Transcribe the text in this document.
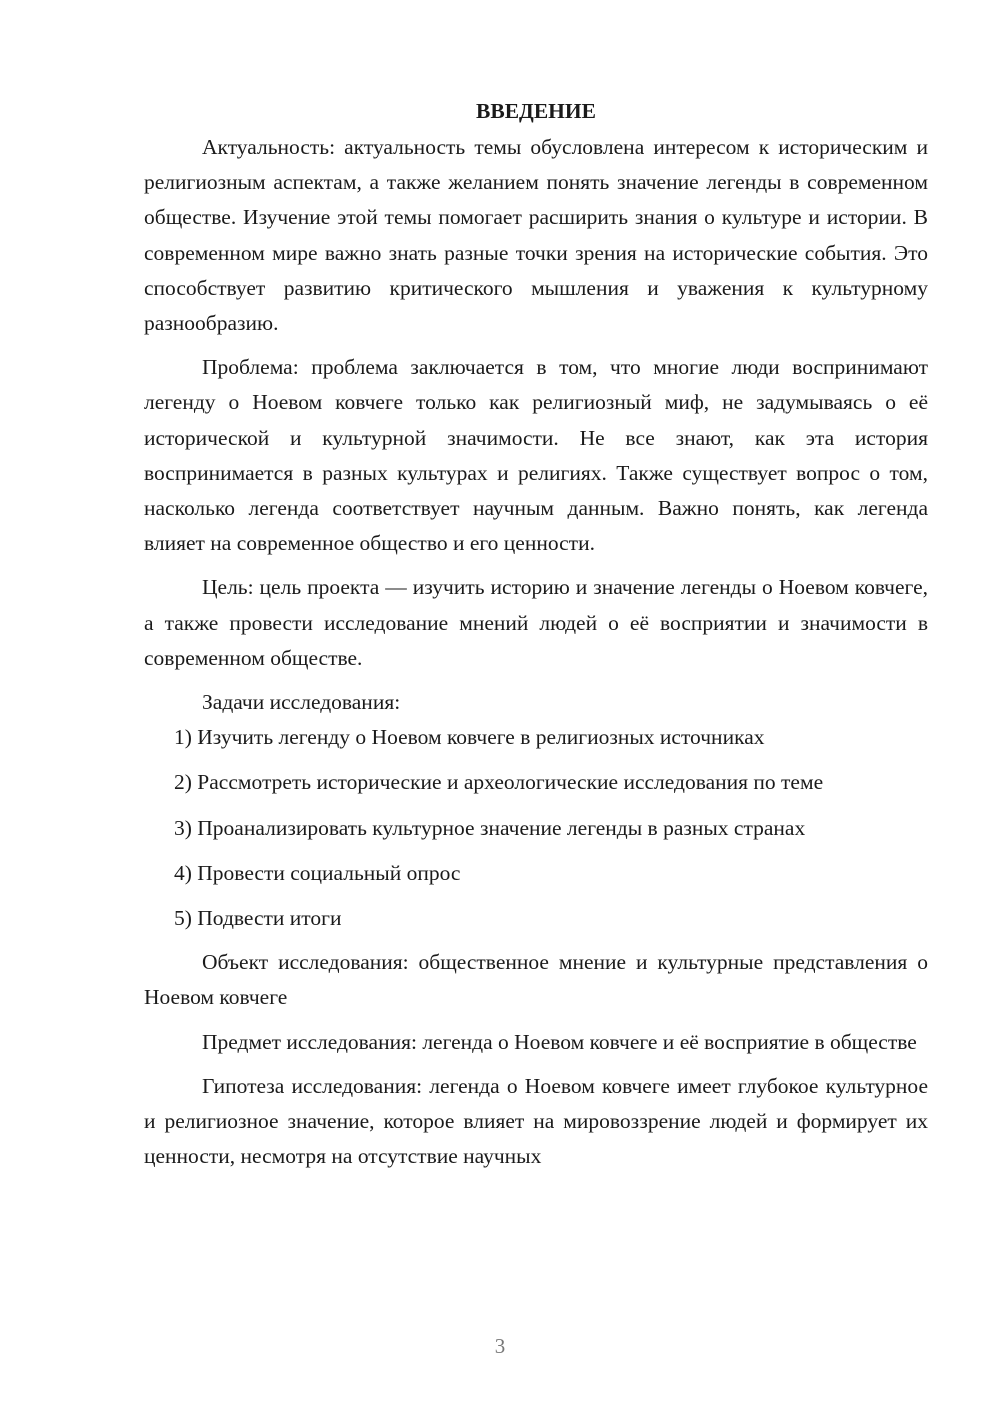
ВВЕДЕНИЕ

Актуальность: актуальность темы обусловлена интересом к историческим и религиозным аспектам, а также желанием понять значение легенды в современном обществе. Изучение этой темы помогает расширить знания о культуре и истории. В современном мире важно знать разные точки зрения на исторические события. Это способствует развитию критического мышления и уважения к культурному разнообразию.

Проблема: проблема заключается в том, что многие люди воспринимают легенду о Ноевом ковчеге только как религиозный миф, не задумываясь о её исторической и культурной значимости. Не все знают, как эта история воспринимается в разных культурах и религиях. Также существует вопрос о том, насколько легенда соответствует научным данным. Важно понять, как легенда влияет на современное общество и его ценности.

Цель: цель проекта — изучить историю и значение легенды о Ноевом ковчеге, а также провести исследование мнений людей о её восприятии и значимости в современном обществе.

Задачи исследования:

1) Изучить легенду о Ноевом ковчеге в религиозных источниках
2) Рассмотреть исторические и археологические исследования по теме
3) Проанализировать культурное значение легенды в разных странах
4) Провести социальный опрос
5) Подвести итоги

Объект исследования: общественное мнение и культурные представления о Ноевом ковчеге

Предмет исследования: легенда о Ноевом ковчеге и её восприятие в обществе

Гипотеза исследования: легенда о Ноевом ковчеге имеет глубокое культурное и религиозное значение, которое влияет на мировоззрение людей и формирует их ценности, несмотря на отсутствие научных

3
